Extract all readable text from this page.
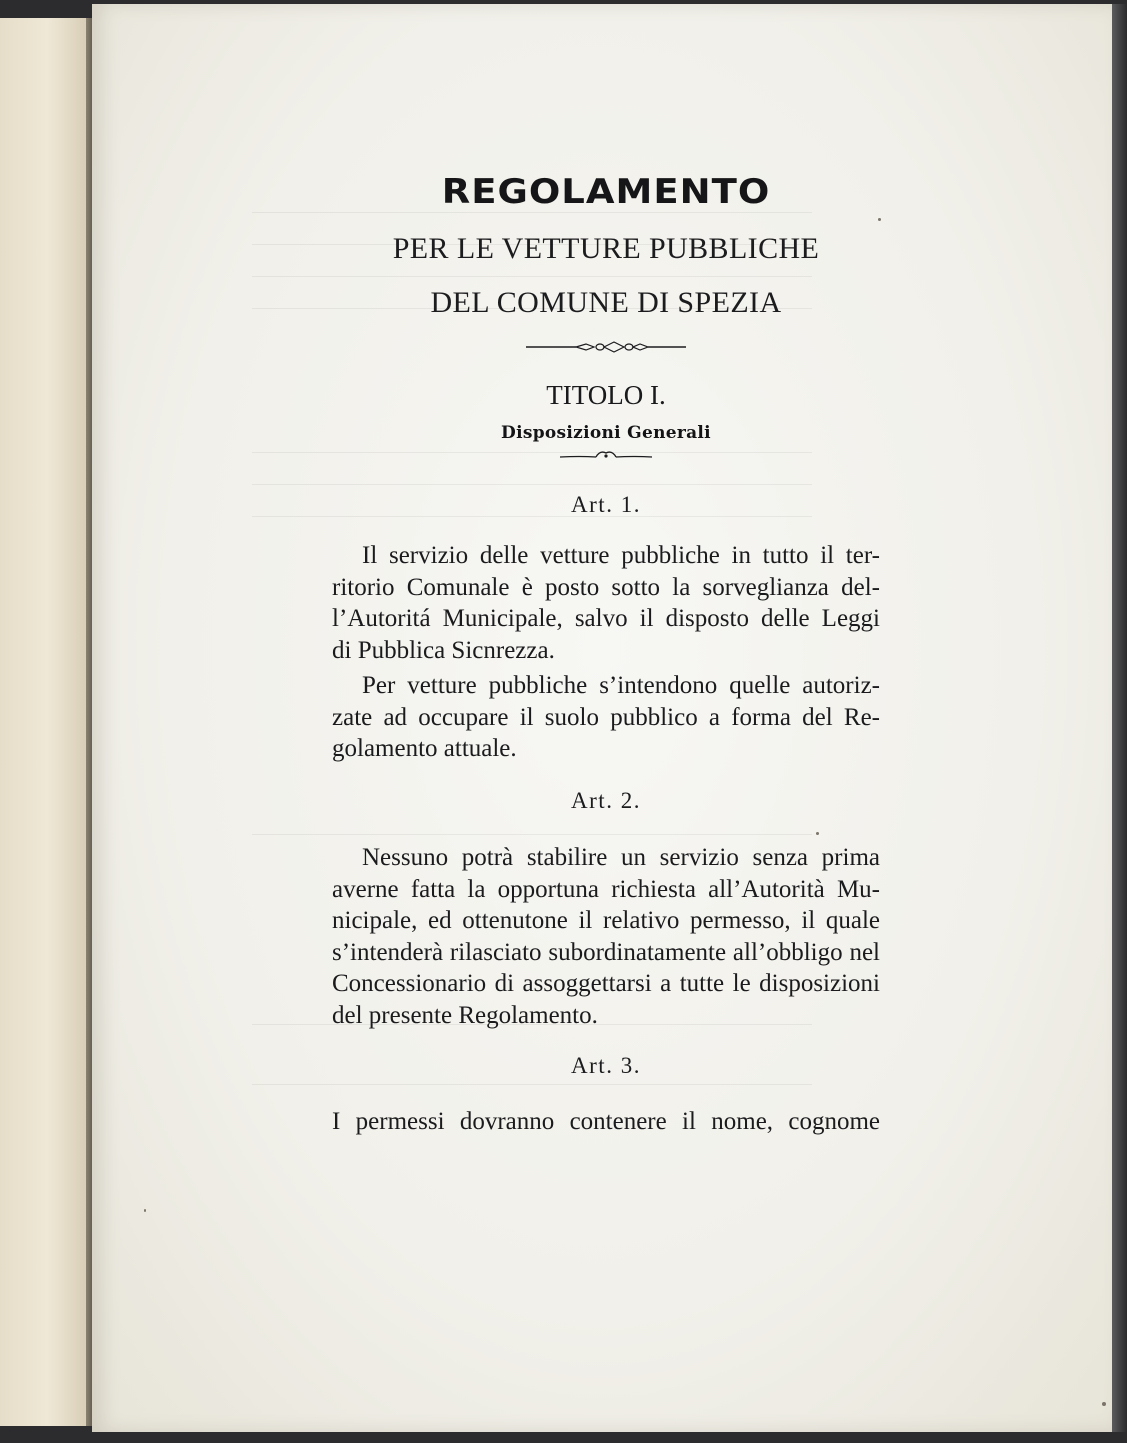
REGOLAMENTO
PER LE VETTURE PUBBLICHE
DEL COMUNE DI SPEZIA
TITOLO I.
Disposizioni Generali
Art. 1.
Il servizio delle vetture pubbliche in tutto il ter-
ritorio Comunale è posto sotto la sorveglianza del-
l’Autoritá Municipale, salvo il disposto delle Leggi
di Pubblica Sicnrezza.
Per vetture pubbliche s’intendono quelle autoriz-
zate ad occupare il suolo pubblico a forma del Re-
golamento attuale.
Art. 2.
Nessuno potrà stabilire un servizio senza prima
averne fatta la opportuna richiesta all’Autorità Mu-
nicipale, ed ottenutone il relativo permesso, il quale
s’intenderà rilasciato subordinatamente all’obbligo nel
Concessionario di assoggettarsi a tutte le disposizioni
del presente Regolamento.
Art. 3.
I permessi dovranno contenere il nome, cognome
